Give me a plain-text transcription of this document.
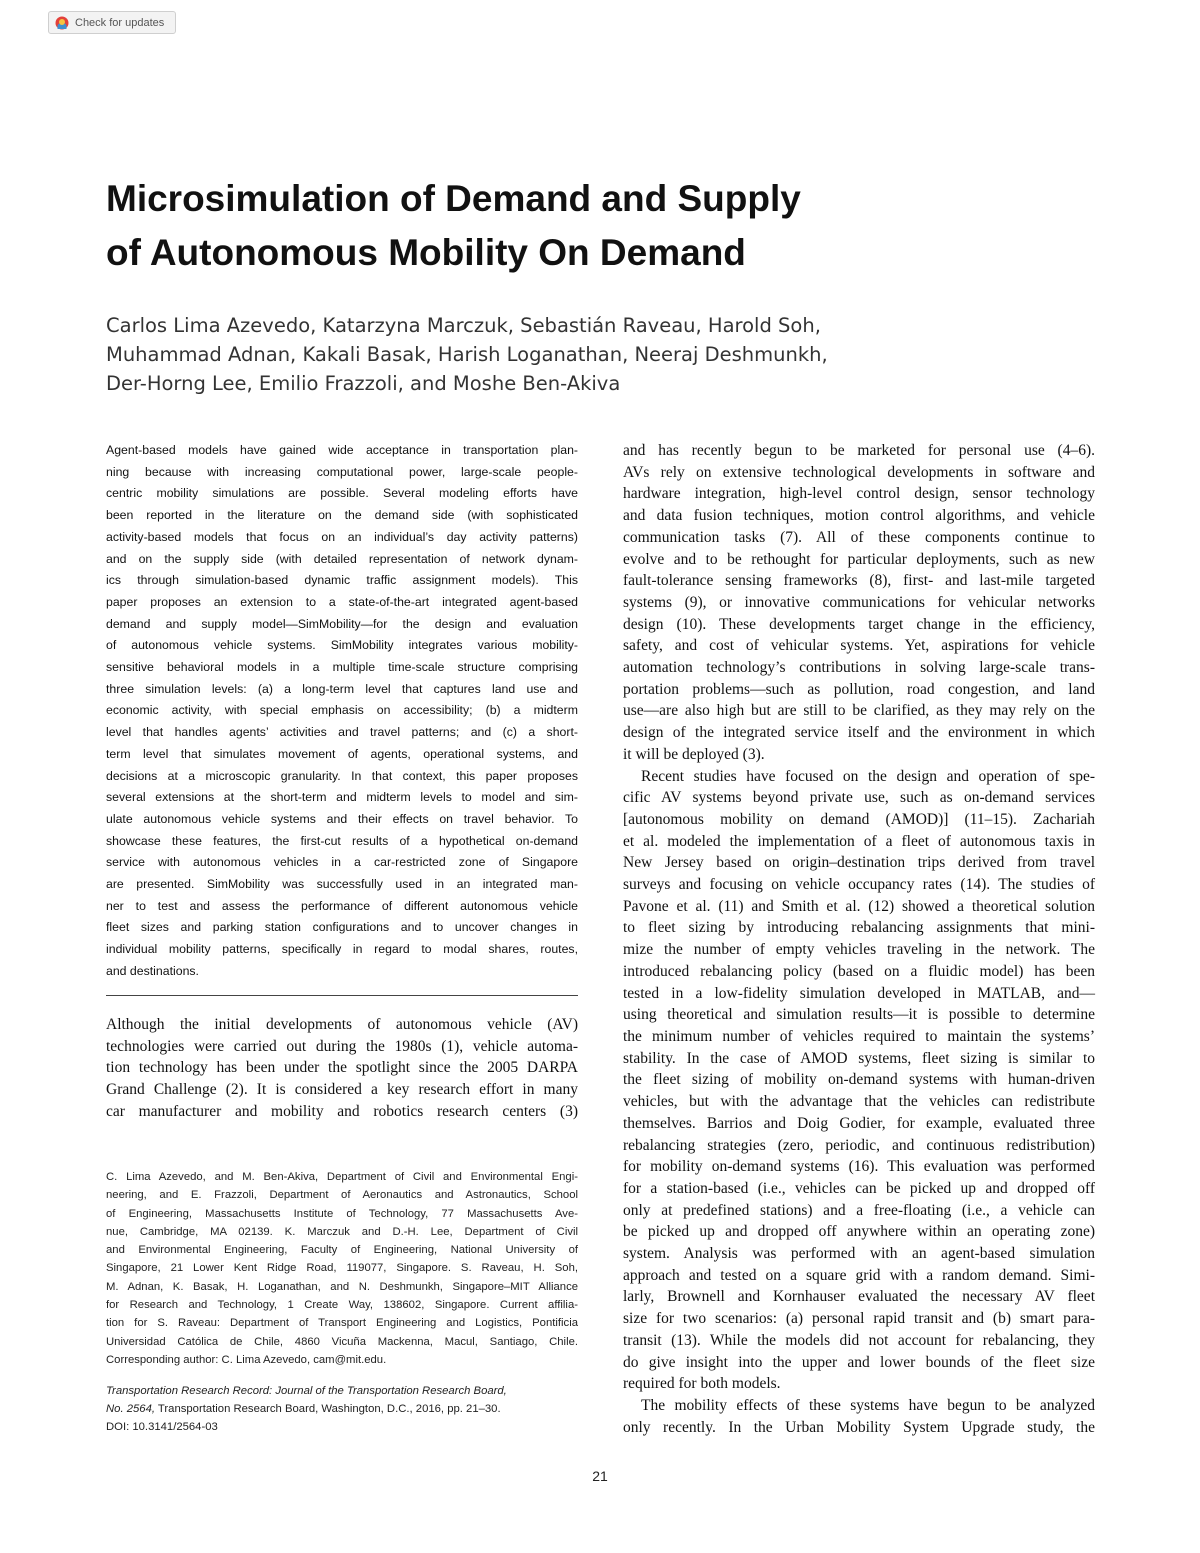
Check for updates
Microsimulation of Demand and Supply
of Autonomous Mobility On Demand
Carlos Lima Azevedo, Katarzyna Marczuk, Sebastián Raveau, Harold Soh,
Muhammad Adnan, Kakali Basak, Harish Loganathan, Neeraj Deshmunkh,
Der-Horng Lee, Emilio Frazzoli, and Moshe Ben-Akiva
Agent-based models have gained wide acceptance in transportation plan-
ning because with increasing computational power, large-scale people-
centric mobility simulations are possible. Several modeling efforts have
been reported in the literature on the demand side (with sophisticated
activity-based models that focus on an individual’s day activity patterns)
and on the supply side (with detailed representation of network dynam-
ics through simulation-based dynamic traffic assignment models). This
paper proposes an extension to a state-of-the-art integrated agent-based
demand and supply model—SimMobility—for the design and evaluation
of autonomous vehicle systems. SimMobility integrates various mobility-
sensitive behavioral models in a multiple time-scale structure comprising
three simulation levels: (a) a long-term level that captures land use and
economic activity, with special emphasis on accessibility; (b) a midterm
level that handles agents’ activities and travel patterns; and (c) a short-
term level that simulates movement of agents, operational systems, and
decisions at a microscopic granularity. In that context, this paper proposes
several extensions at the short-term and midterm levels to model and sim-
ulate autonomous vehicle systems and their effects on travel behavior. To
showcase these features, the first-cut results of a hypothetical on-demand
service with autonomous vehicles in a car-restricted zone of Singapore
are presented. SimMobility was successfully used in an integrated man-
ner to test and assess the performance of different autonomous vehicle
fleet sizes and parking station configurations and to uncover changes in
individual mobility patterns, specifically in regard to modal shares, routes,
and destinations.
Although the initial developments of autonomous vehicle (AV)
technologies were carried out during the 1980s (1), vehicle automa-
tion technology has been under the spotlight since the 2005 DARPA
Grand Challenge (2). It is considered a key research effort in many
car manufacturer and mobility and robotics research centers (3)
C. Lima Azevedo, and M. Ben-Akiva, Department of Civil and Environmental Engi-
neering, and E. Frazzoli, Department of Aeronautics and Astronautics, School
of Engineering, Massachusetts Institute of Technology, 77 Massachusetts Ave-
nue, Cambridge, MA 02139. K. Marczuk and D.-H. Lee, Department of Civil
and Environmental Engineering, Faculty of Engineering, National University of
Singapore, 21 Lower Kent Ridge Road, 119077, Singapore. S. Raveau, H. Soh,
M. Adnan, K. Basak, H. Loganathan, and N. Deshmunkh, Singapore–MIT Alliance
for Research and Technology, 1 Create Way, 138602, Singapore. Current affilia-
tion for S. Raveau: Department of Transport Engineering and Logistics, Pontificia
Universidad Católica de Chile, 4860 Vicuña Mackenna, Macul, Santiago, Chile.
Corresponding author: C. Lima Azevedo, cam@mit.edu.
Transportation Research Record: Journal of the Transportation Research Board,
No. 2564, Transportation Research Board, Washington, D.C., 2016, pp. 21–30.
DOI: 10.3141/2564-03
and has recently begun to be marketed for personal use (4–6).
AVs rely on extensive technological developments in software and
hardware integration, high-level control design, sensor technology
and data fusion techniques, motion control algorithms, and vehicle
communication tasks (7). All of these components continue to
evolve and to be rethought for particular deployments, such as new
fault-tolerance sensing frameworks (8), first- and last-mile targeted
systems (9), or innovative communications for vehicular networks
design (10). These developments target change in the efficiency,
safety, and cost of vehicular systems. Yet, aspirations for vehicle
automation technology’s contributions in solving large-scale trans-
portation problems—such as pollution, road congestion, and land
use—are also high but are still to be clarified, as they may rely on the
design of the integrated service itself and the environment in which
it will be deployed (3).
Recent studies have focused on the design and operation of spe-
cific AV systems beyond private use, such as on-demand services
[autonomous mobility on demand (AMOD)] (11–15). Zachariah
et al. modeled the implementation of a fleet of autonomous taxis in
New Jersey based on origin–destination trips derived from travel
surveys and focusing on vehicle occupancy rates (14). The studies of
Pavone et al. (11) and Smith et al. (12) showed a theoretical solution
to fleet sizing by introducing rebalancing assignments that mini-
mize the number of empty vehicles traveling in the network. The
introduced rebalancing policy (based on a fluidic model) has been
tested in a low-fidelity simulation developed in MATLAB, and—
using theoretical and simulation results—it is possible to determine
the minimum number of vehicles required to maintain the systems’
stability. In the case of AMOD systems, fleet sizing is similar to
the fleet sizing of mobility on-demand systems with human-driven
vehicles, but with the advantage that the vehicles can redistribute
themselves. Barrios and Doig Godier, for example, evaluated three
rebalancing strategies (zero, periodic, and continuous redistribution)
for mobility on-demand systems (16). This evaluation was performed
for a station-based (i.e., vehicles can be picked up and dropped off
only at predefined stations) and a free-floating (i.e., a vehicle can
be picked up and dropped off anywhere within an operating zone)
system. Analysis was performed with an agent-based simulation
approach and tested on a square grid with a random demand. Simi-
larly, Brownell and Kornhauser evaluated the necessary AV fleet
size for two scenarios: (a) personal rapid transit and (b) smart para-
transit (13). While the models did not account for rebalancing, they
do give insight into the upper and lower bounds of the fleet size
required for both models.
The mobility effects of these systems have begun to be analyzed
only recently. In the Urban Mobility System Upgrade study, the
21
